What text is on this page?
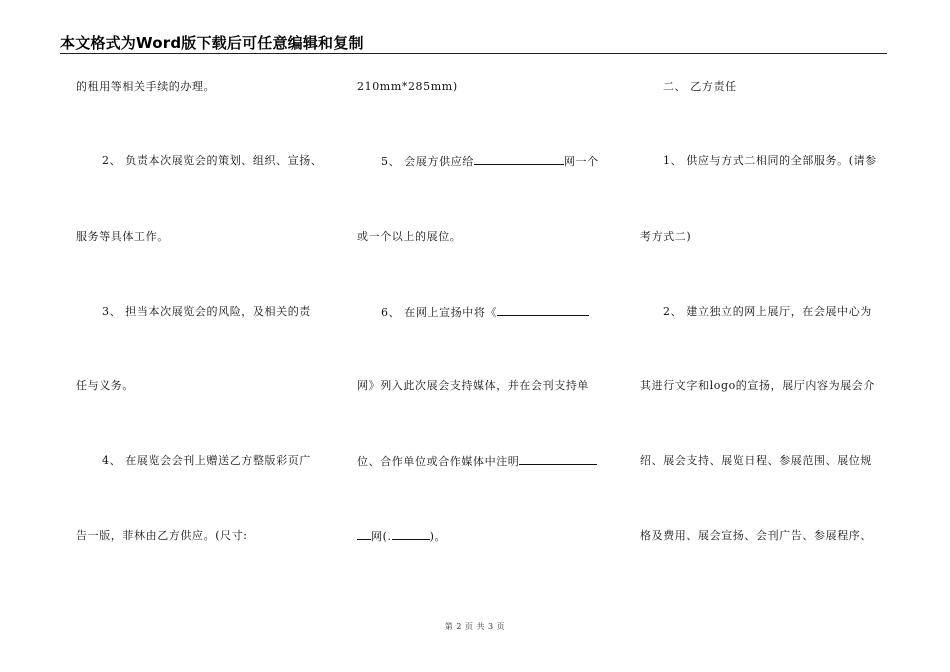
本文格式为Word版下载后可任意编辑和复制
的租用等相关手续的办理。
2、 负责本次展览会的策划、组织、宣扬、
服务等具体工作。
3、 担当本次展览会的风险，及相关的责
任与义务。
4、 在展览会会刊上赠送乙方整版彩页广
告一版，菲林由乙方供应。(尺寸:
210mm*285mm)
5、 会展方供应给	网一个
或一个以上的展位。
6、 在网上宣扬中将《
网》列入此次展会支持媒体，并在会刊支持单
位、合作单位或合作媒体中注明
网(.	)。
二、 乙方责任
1、 供应与方式二相同的全部服务。(请参
考方式二)
2、 建立独立的网上展厅，在会展中心为
其进行文字和logo的宣扬，展厅内容为展会介
绍、展会支持、展览日程、参展范围、展位规
格及费用、展会宣扬、会刊广告、参展程序、
第 2 页 共 3 页
